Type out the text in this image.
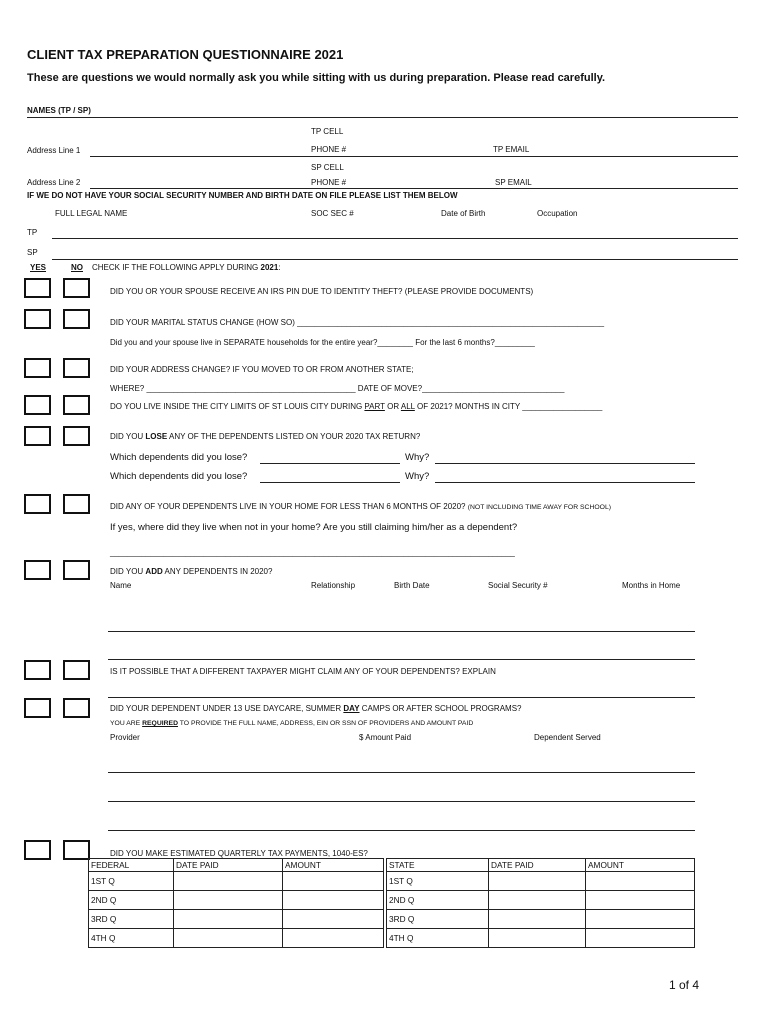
CLIENT TAX PREPARATION QUESTIONNAIRE 2021
These are questions we would normally ask you while sitting with us during preparation. Please read carefully.
NAMES (TP / SP)
TP CELL
Address Line 1	PHONE #	TP EMAIL
SP CELL
Address Line 2	PHONE #	SP EMAIL
IF WE DO NOT HAVE YOUR SOCIAL SECURITY NUMBER AND BIRTH DATE ON FILE PLEASE LIST THEM BELOW
FULL LEGAL NAME	SOC SEC #	Date of Birth	Occupation
TP
SP
YES	NO CHECK IF THE FOLLOWING APPLY DURING 2021:
DID YOU OR YOUR SPOUSE RECEIVE AN IRS PIN DUE TO IDENTITY THEFT? (PLEASE PROVIDE DOCUMENTS)
DID YOUR MARITAL STATUS CHANGE (HOW SO) _____________________________________________________________________
Did you and your spouse live in SEPARATE households for the entire year?________ For the last 6 months?_________
DID YOUR ADDRESS CHANGE? IF YOU MOVED TO OR FROM ANOTHER STATE;
WHERE? _______________________________________________ DATE OF MOVE?________________________________
DO YOU LIVE INSIDE THE CITY LIMITS OF ST LOUIS CITY DURING PART OR ALL OF 2021? MONTHS IN CITY __________________
DID YOU LOSE ANY OF THE DEPENDENTS LISTED ON YOUR 2020 TAX RETURN?
Which dependents did you lose?	Why?
Which dependents did you lose?	Why?
DID ANY OF YOUR DEPENDENTS LIVE IN YOUR HOME FOR LESS THAN 6 MONTHS OF 2020? (NOT INCLUDING TIME AWAY FOR SCHOOL)
If yes, where did they live when not in your home? Are you still claiming him/her as a dependent?
___________________________________________________________________________________________
DID YOU ADD ANY DEPENDENTS IN 2020?
Name	Relationship	Birth Date	Social Security #	Months in Home
IS IT POSSIBLE THAT A DIFFERENT TAXPAYER MIGHT CLAIM ANY OF YOUR DEPENDENTS? EXPLAIN
DID YOUR DEPENDENT UNDER 13 USE DAYCARE, SUMMER DAY CAMPS OR AFTER SCHOOL PROGRAMS?
YOU ARE REQUIRED TO PROVIDE THE FULL NAME, ADDRESS, EIN OR SSN OF PROVIDERS AND AMOUNT PAID
Provider	$ Amount Paid	Dependent Served
DID YOU MAKE ESTIMATED QUARTERLY TAX PAYMENTS, 1040-ES?
FEDERAL	DATE PAID	AMOUNT
1ST Q		
2ND Q		
3RD Q		
4TH Q		
STATE	DATE PAID	AMOUNT
1ST Q		
2ND Q		
3RD Q		
4TH Q		
1 of 4
